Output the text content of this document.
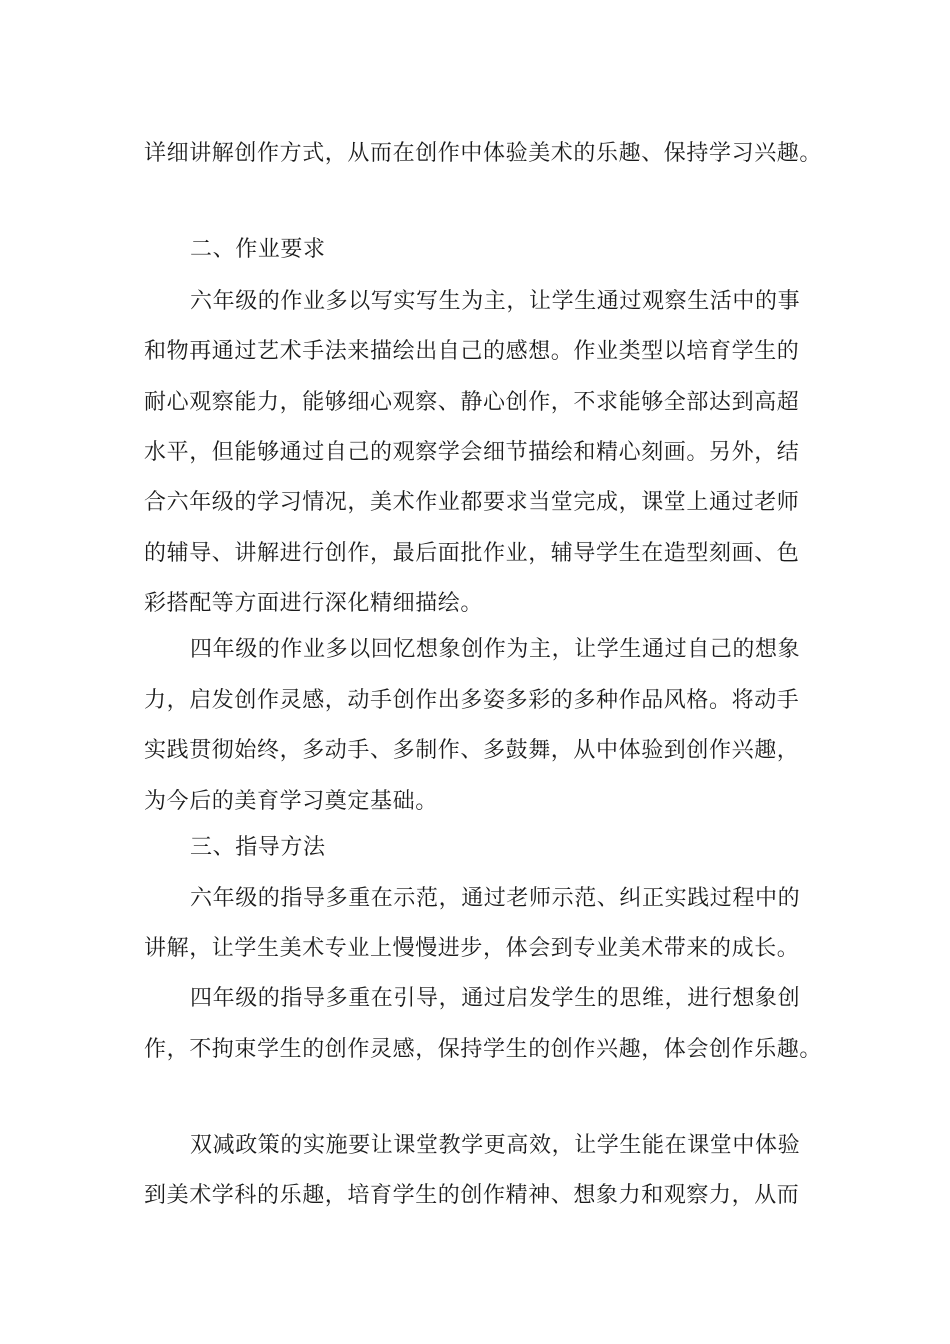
详细讲解创作方式，从而在创作中体验美术的乐趣、保持学习兴趣。
二、作业要求
六年级的作业多以写实写生为主，让学生通过观察生活中的事
和物再通过艺术手法来描绘出自己的感想。作业类型以培育学生的
耐心观察能力，能够细心观察、静心创作，不求能够全部达到高超
水平，但能够通过自己的观察学会细节描绘和精心刻画。另外，结
合六年级的学习情况，美术作业都要求当堂完成，课堂上通过老师
的辅导、讲解进行创作，最后面批作业，辅导学生在造型刻画、色
彩搭配等方面进行深化精细描绘。
四年级的作业多以回忆想象创作为主，让学生通过自己的想象
力，启发创作灵感，动手创作出多姿多彩的多种作品风格。将动手
实践贯彻始终，多动手、多制作、多鼓舞，从中体验到创作兴趣，
为今后的美育学习奠定基础。
三、指导方法
六年级的指导多重在示范，通过老师示范、纠正实践过程中的
讲解，让学生美术专业上慢慢进步，体会到专业美术带来的成长。
四年级的指导多重在引导，通过启发学生的思维，进行想象创
作，不拘束学生的创作灵感，保持学生的创作兴趣，体会创作乐趣。
双减政策的实施要让课堂教学更高效，让学生能在课堂中体验
到美术学科的乐趣，培育学生的创作精神、想象力和观察力，从而
